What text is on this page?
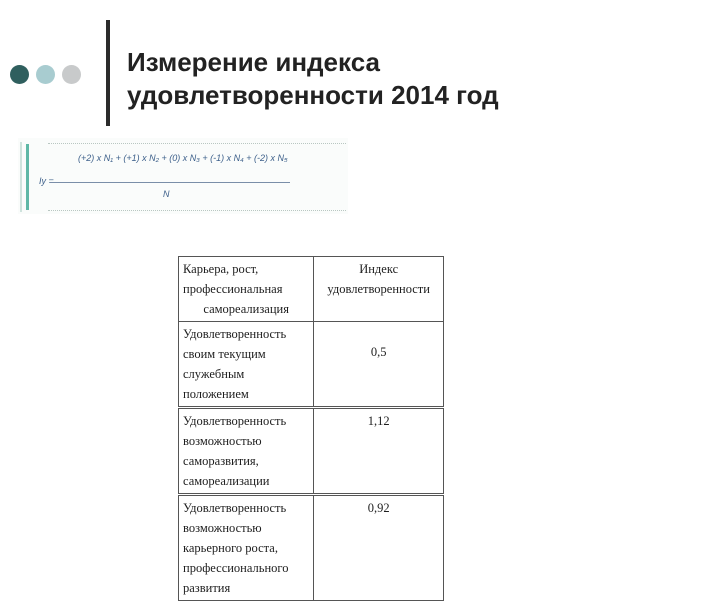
Измерение индекса
удовлетворенности 2014 год
(+2) x N₁ + (+1) x N₂ + (0) x N₃ + (-1) x N₄ + (-2) x N₅
Iy =
N
Карьера, рост, профессиональная
самореализация	Индекс удовлетворенности

Удовлетворенность своим текущим
служебным положением	0,5

Удовлетворенность возможностью
саморазвития, самореализации	1,12

Удовлетворенность возможностью
карьерного роста,
профессионального развития	0,92
